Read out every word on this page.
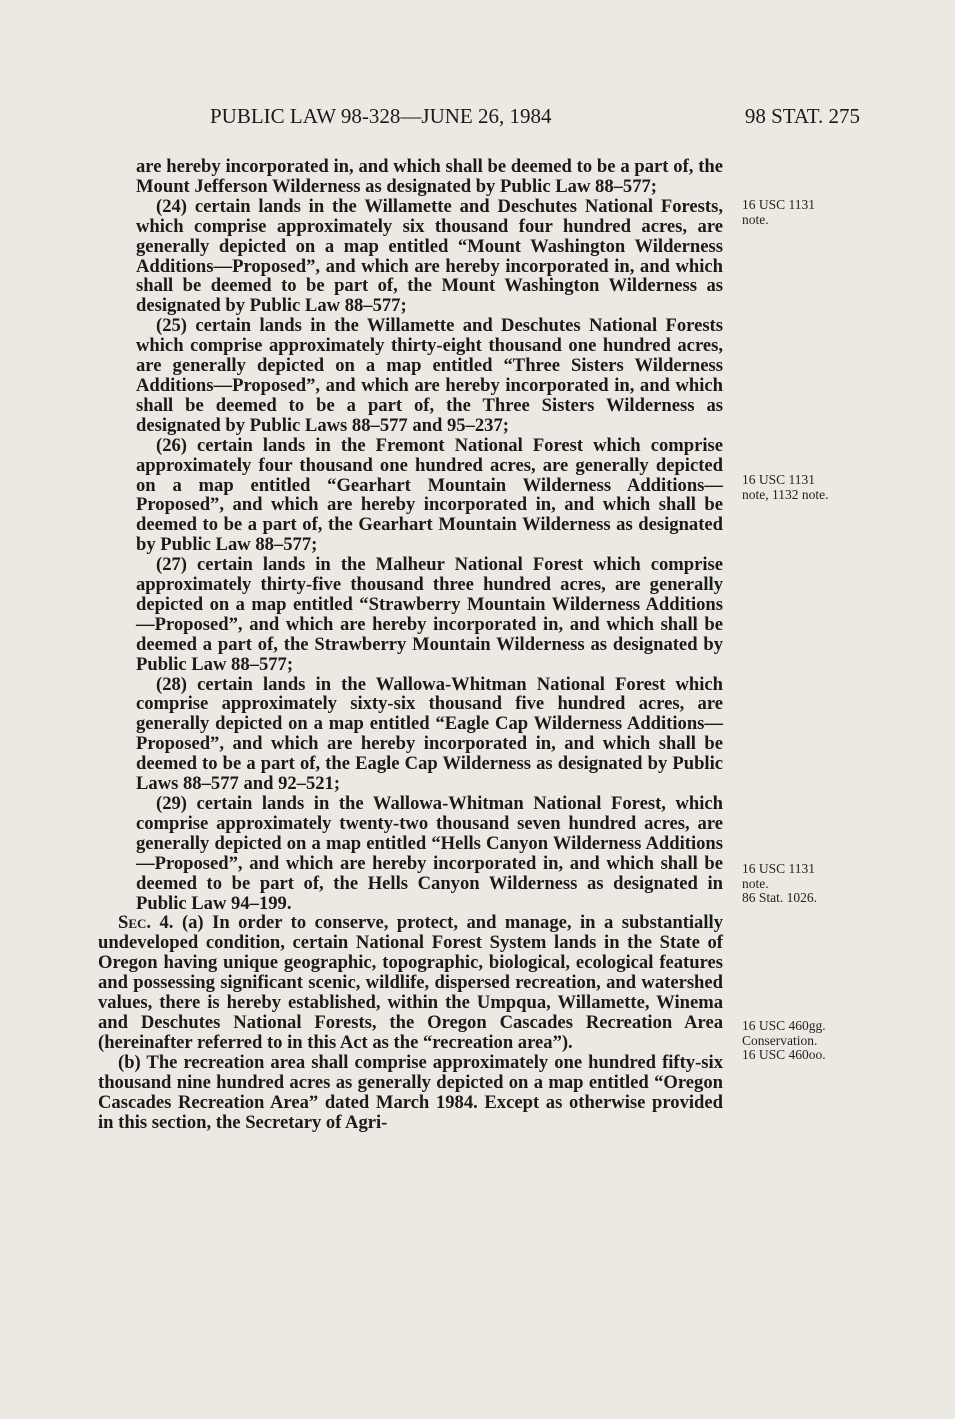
PUBLIC LAW 98-328—JUNE 26, 1984	98 STAT. 275

are hereby incorporated in, and which shall be deemed to be a part of, the Mount Jefferson Wilderness as designated by Public Law 88–577;

(24) certain lands in the Willamette and Deschutes National Forests, which comprise approximately six thousand four hundred acres, are generally depicted on a map entitled “Mount Washington Wilderness Additions—Proposed”, and which are hereby incorporated in, and which shall be deemed to be part of, the Mount Washington Wilderness as designated by Public Law 88–577;

(25) certain lands in the Willamette and Deschutes National Forests which comprise approximately thirty-eight thousand one hundred acres, are generally depicted on a map entitled “Three Sisters Wilderness Additions—Proposed”, and which are hereby incorporated in, and which shall be deemed to be a part of, the Three Sisters Wilderness as designated by Public Laws 88–577 and 95–237;

(26) certain lands in the Fremont National Forest which comprise approximately four thousand one hundred acres, are generally depicted on a map entitled “Gearhart Mountain Wilderness Additions—Proposed”, and which are hereby incorporated in, and which shall be deemed to be a part of, the Gearhart Mountain Wilderness as designated by Public Law 88–577;

(27) certain lands in the Malheur National Forest which comprise approximately thirty-five thousand three hundred acres, are generally depicted on a map entitled “Strawberry Mountain Wilderness Additions—Proposed”, and which are hereby incorporated in, and which shall be deemed a part of, the Strawberry Mountain Wilderness as designated by Public Law 88–577;

(28) certain lands in the Wallowa-Whitman National Forest which comprise approximately sixty-six thousand five hundred acres, are generally depicted on a map entitled “Eagle Cap Wilderness Additions—Proposed”, and which are hereby incorporated in, and which shall be deemed to be a part of, the Eagle Cap Wilderness as designated by Public Laws 88–577 and 92–521;

(29) certain lands in the Wallowa-Whitman National Forest, which comprise approximately twenty-two thousand seven hundred acres, are generally depicted on a map entitled “Hells Canyon Wilderness Additions—Proposed”, and which are hereby incorporated in, and which shall be deemed to be part of, the Hells Canyon Wilderness as designated in Public Law 94–199.

Sec. 4. (a) In order to conserve, protect, and manage, in a substantially undeveloped condition, certain National Forest System lands in the State of Oregon having unique geographic, topographic, biological, ecological features and possessing significant scenic, wildlife, dispersed recreation, and watershed values, there is hereby established, within the Umpqua, Willamette, Winema and Deschutes National Forests, the Oregon Cascades Recreation Area (hereinafter referred to in this Act as the “recreation area”).

(b) The recreation area shall comprise approximately one hundred fifty-six thousand nine hundred acres as generally depicted on a map entitled “Oregon Cascades Recreation Area” dated March 1984. Except as otherwise provided in this section, the Secretary of Agri-

16 USC 1131
note.
16 USC 1131
note, 1132 note.
16 USC 1131
note.
86 Stat. 1026.
16 USC 460gg.
Conservation.
16 USC 460oo.
